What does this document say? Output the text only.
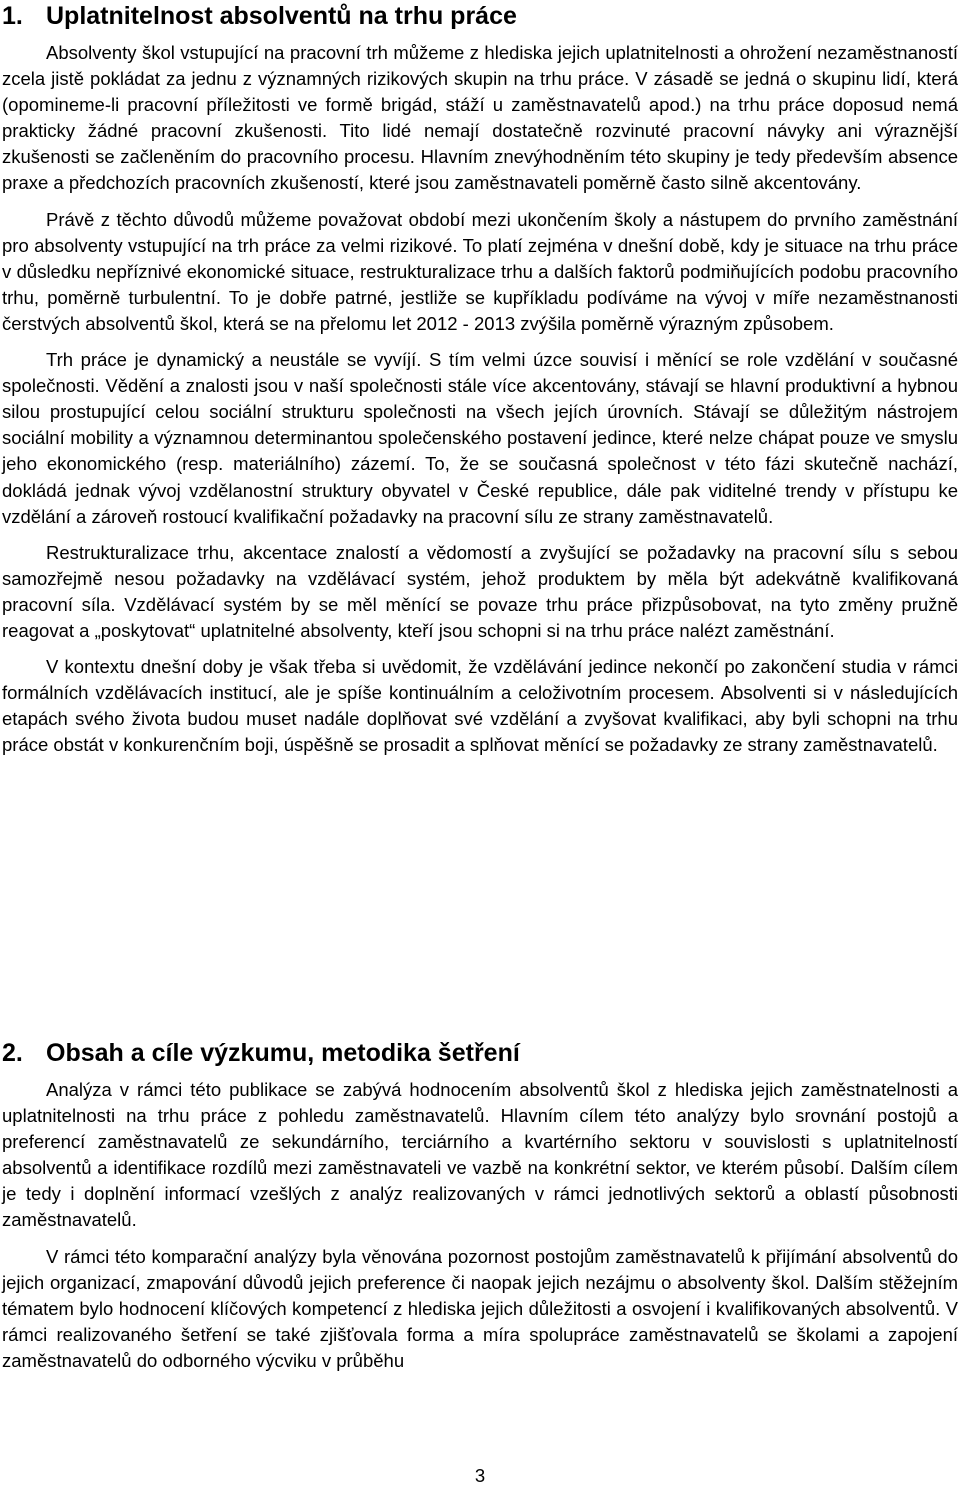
1. Uplatnitelnost absolventů na trhu práce

Absolventy škol vstupující na pracovní trh můžeme z hlediska jejich uplatnitelnosti a ohrožení nezaměstnaností zcela jistě pokládat za jednu z významných rizikových skupin na trhu práce. V zásadě se jedná o skupinu lidí, která (opomineme-li pracovní příležitosti ve formě brigád, stáží u zaměstnavatelů apod.) na trhu práce doposud nemá prakticky žádné pracovní zkušenosti. Tito lidé nemají dostatečně rozvinuté pracovní návyky ani výraznější zkušenosti se začleněním do pracovního procesu. Hlavním znevýhodněním této skupiny je tedy především absence praxe a předchozích pracovních zkušeností, které jsou zaměstnavateli poměrně často silně akcentovány.

Právě z těchto důvodů můžeme považovat období mezi ukončením školy a nástupem do prvního zaměstnání pro absolventy vstupující na trh práce za velmi rizikové. To platí zejména v dnešní době, kdy je situace na trhu práce v důsledku nepříznivé ekonomické situace, restrukturalizace trhu a dalších faktorů podmiňujících podobu pracovního trhu, poměrně turbulentní. To je dobře patrné, jestliže se kupříkladu podíváme na vývoj v míře nezaměstnanosti čerstvých absolventů škol, která se na přelomu let 2012 - 2013 zvýšila poměrně výrazným způsobem.

Trh práce je dynamický a neustále se vyvíjí. S tím velmi úzce souvisí i měnící se role vzdělání v současné společnosti. Vědění a znalosti jsou v naší společnosti stále více akcentovány, stávají se hlavní produktivní a hybnou silou prostupující celou sociální strukturu společnosti na všech jejích úrovních. Stávají se důležitým nástrojem sociální mobility a významnou determinantou společenského postavení jedince, které nelze chápat pouze ve smyslu jeho ekonomického (resp. materiálního) zázemí. To, že se současná společnost v této fázi skutečně nachází, dokládá jednak vývoj vzdělanostní struktury obyvatel v České republice, dále pak viditelné trendy v přístupu ke vzdělání a zároveň rostoucí kvalifikační požadavky na pracovní sílu ze strany zaměstnavatelů.

Restrukturalizace trhu, akcentace znalostí a vědomostí a zvyšující se požadavky na pracovní sílu s sebou samozřejmě nesou požadavky na vzdělávací systém, jehož produktem by měla být adekvátně kvalifikovaná pracovní síla. Vzdělávací systém by se měl měnící se povaze trhu práce přizpůsobovat, na tyto změny pružně reagovat a „poskytovat“ uplatnitelné absolventy, kteří jsou schopni si na trhu práce nalézt zaměstnání.

V kontextu dnešní doby je však třeba si uvědomit, že vzdělávání jedince nekončí po zakončení studia v rámci formálních vzdělávacích institucí, ale je spíše kontinuálním a celoživotním procesem. Absolventi si v následujících etapách svého života budou muset nadále doplňovat své vzdělání a zvyšovat kvalifikaci, aby byli schopni na trhu práce obstát v konkurenčním boji, úspěšně se prosadit a splňovat měnící se požadavky ze strany zaměstnavatelů.

2. Obsah a cíle výzkumu, metodika šetření

Analýza v rámci této publikace se zabývá hodnocením absolventů škol z hlediska jejich zaměstnatelnosti a uplatnitelnosti na trhu práce z pohledu zaměstnavatelů. Hlavním cílem této analýzy bylo srovnání postojů a preferencí zaměstnavatelů ze sekundárního, terciárního a kvartérního sektoru v souvislosti s uplatnitelností absolventů a identifikace rozdílů mezi zaměstnavateli ve vazbě na konkrétní sektor, ve kterém působí. Dalším cílem je tedy i doplnění informací vzešlých z analýz realizovaných v rámci jednotlivých sektorů a oblastí působnosti zaměstnavatelů.

V rámci této komparační analýzy byla věnována pozornost postojům zaměstnavatelů k přijímání absolventů do jejich organizací, zmapování důvodů jejich preference či naopak jejich nezájmu o absolventy škol. Dalším stěžejním tématem bylo hodnocení klíčových kompetencí z hlediska jejich důležitosti a osvojení i kvalifikovaných absolventů. V rámci realizovaného šetření se také zjišťovala forma a míra spolupráce zaměstnavatelů se školami a zapojení zaměstnavatelů do odborného výcviku v průběhu

3
